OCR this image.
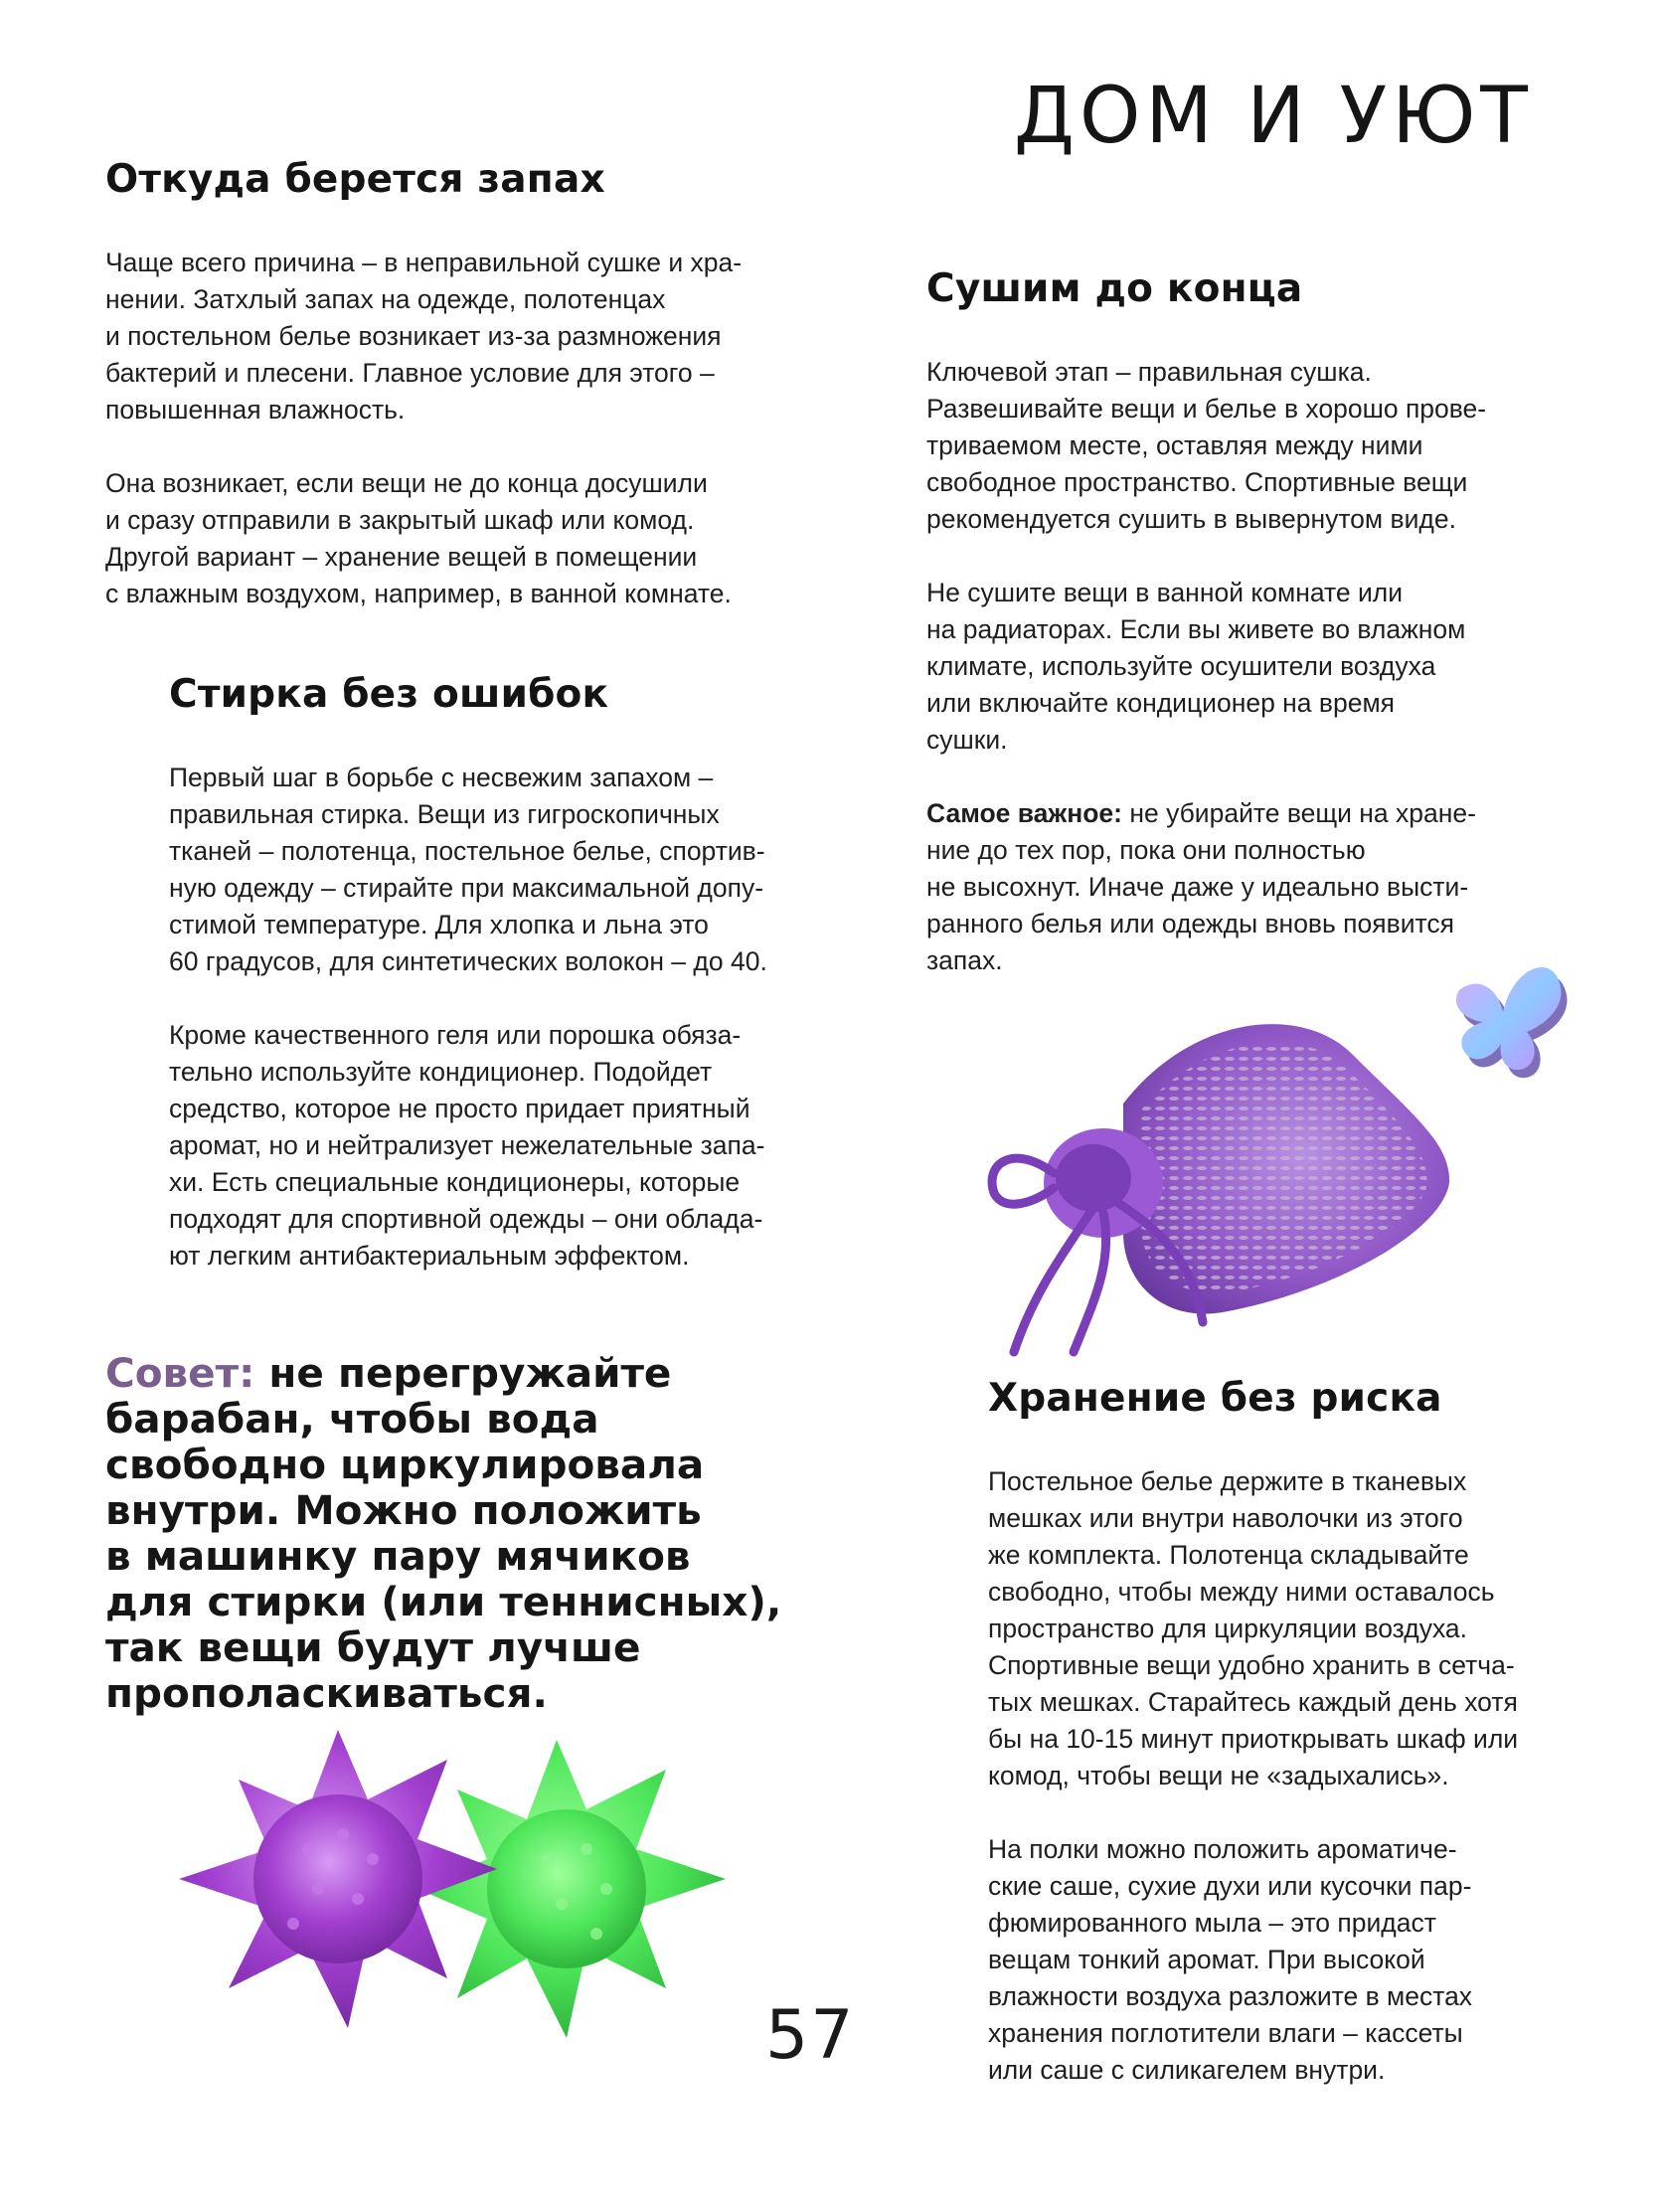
ДОМ И УЮТ
Откуда берется запах

Чаще всего причина – в неправильной сушке и хра-
нении. Затхлый запах на одежде, полотенцах
и постельном белье возникает из-за размножения
бактерий и плесени. Главное условие для этого –
повышенная влажность.

Она возникает, если вещи не до конца досушили
и сразу отправили в закрытый шкаф или комод.
Другой вариант – хранение вещей в помещении
с влажным воздухом, например, в ванной комнате.

Стирка без ошибок

Первый шаг в борьбе с несвежим запахом –
правильная стирка. Вещи из гигроскопичных
тканей – полотенца, постельное белье, спортив-
ную одежду – стирайте при максимальной допу-
стимой температуре. Для хлопка и льна это
60 градусов, для синтетических волокон – до 40.

Кроме качественного геля или порошка обяза-
тельно используйте кондиционер. Подойдет
средство, которое не просто придает приятный
аромат, но и нейтрализует нежелательные запа-
хи. Есть специальные кондиционеры, которые
подходят для спортивной одежды – они облада-
ют легким антибактериальным эффектом.

Совет: не перегружайте
барабан, чтобы вода
свободно циркулировала
внутри. Можно положить
в машинку пару мячиков
для стирки (или теннисных),
так вещи будут лучше
прополаскиваться.
Сушим до конца

Ключевой этап – правильная сушка.
Развешивайте вещи и белье в хорошо прове-
триваемом месте, оставляя между ними
свободное пространство. Спортивные вещи
рекомендуется сушить в вывернутом виде.

Не сушите вещи в ванной комнате или
на радиаторах. Если вы живете во влажном
климате, используйте осушители воздуха
или включайте кондиционер на время
сушки.

Самое важное: не убирайте вещи на хране-
ние до тех пор, пока они полностью
не высохнут. Иначе даже у идеально высти-
ранного белья или одежды вновь появится
запах.

Хранение без риска

Постельное белье держите в тканевых
мешках или внутри наволочки из этого
же комплекта. Полотенца складывайте
свободно, чтобы между ними оставалось
пространство для циркуляции воздуха.
Спортивные вещи удобно хранить в сетча-
тых мешках. Старайтесь каждый день хотя
бы на 10-15 минут приоткрывать шкаф или
комод, чтобы вещи не «задыхались».

На полки можно положить ароматиче-
ские саше, сухие духи или кусочки пар-
фюмированного мыла – это придаст
вещам тонкий аромат. При высокой
влажности воздуха разложите в местах
хранения поглотители влаги – кассеты
или саше с силикагелем внутри.

57
